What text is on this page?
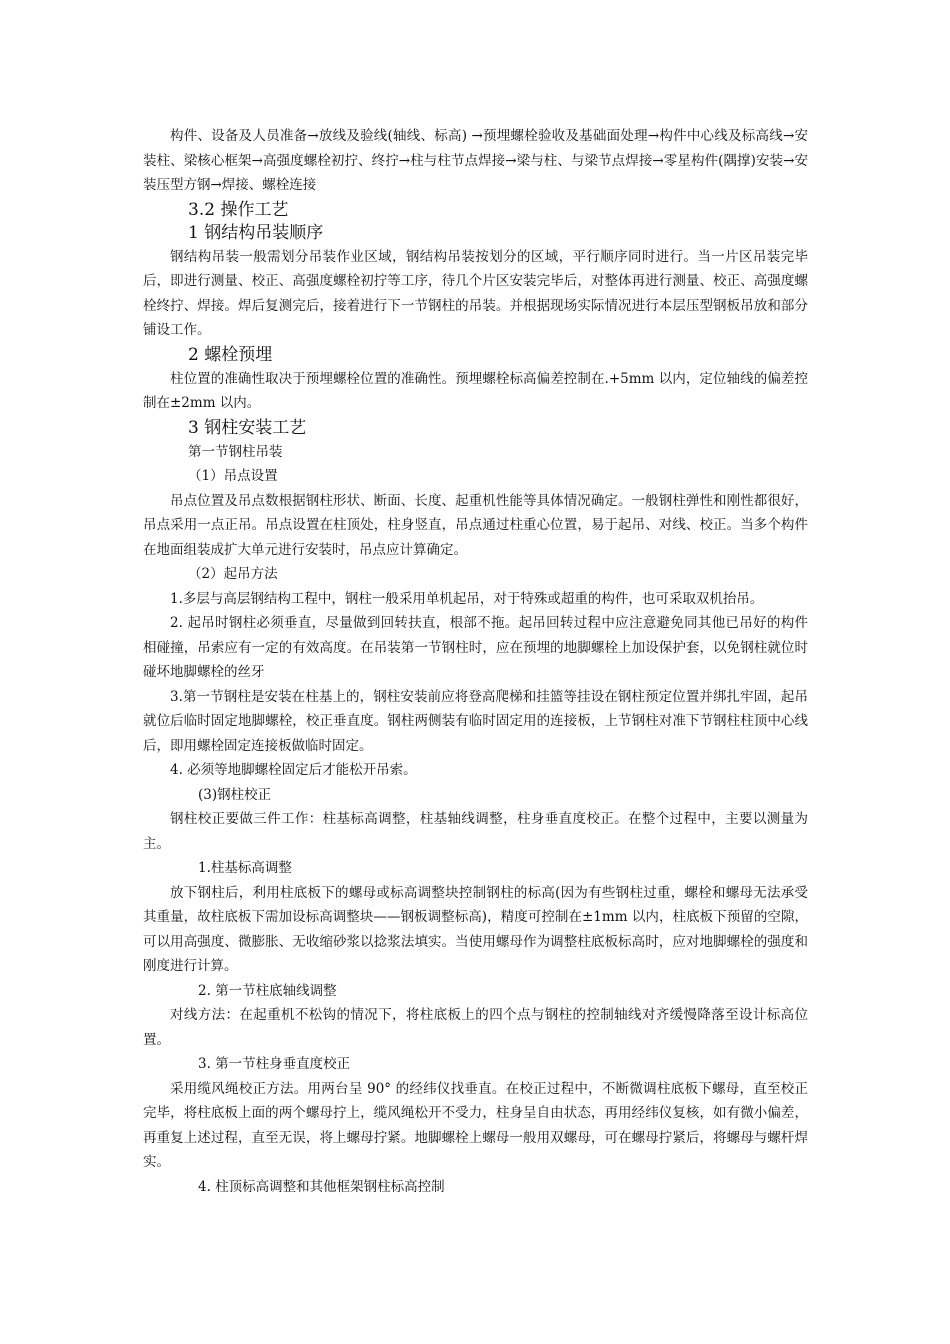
构件、设备及人员准备→放线及验线(轴线、标高) →预埋螺栓验收及基础面处理→构件中心线及标高线→安装柱、梁核心框架→高强度螺栓初拧、终拧→柱与柱节点焊接→梁与柱、与梁节点焊接→零星构件(隅撑)安装→安装压型方钢→焊接、螺栓连接

3.2 操作工艺

1 钢结构吊装顺序

钢结构吊装一般需划分吊装作业区域，钢结构吊装按划分的区域，平行顺序同时进行。当一片区吊装完毕后，即进行测量、校正、高强度螺栓初拧等工序，待几个片区安装完毕后，对整体再进行测量、校正、高强度螺栓终拧、焊接。焊后复测完后，接着进行下一节钢柱的吊装。并根据现场实际情况进行本层压型钢板吊放和部分铺设工作。

2 螺栓预埋

柱位置的准确性取决于预埋螺栓位置的准确性。预埋螺栓标高偏差控制在.+5mm 以内，定位轴线的偏差控制在±2mm 以内。

3 钢柱安装工艺

第一节钢柱吊装

（1）吊点设置

吊点位置及吊点数根据钢柱形状、断面、长度、起重机性能等具体情况确定。一般钢柱弹性和刚性都很好，吊点采用一点正吊。吊点设置在柱顶处，柱身竖直，吊点通过柱重心位置，易于起吊、对线、校正。当多个构件在地面组装成扩大单元进行安装时，吊点应计算确定。

（2）起吊方法

1.多层与高层钢结构工程中，钢柱一般采用单机起吊，对于特殊或超重的构件，也可采取双机抬吊。

2. 起吊时钢柱必须垂直，尽量做到回转扶直，根部不拖。起吊回转过程中应注意避免同其他已吊好的构件相碰撞，吊索应有一定的有效高度。在吊装第一节钢柱时，应在预埋的地脚螺栓上加设保护套，以免钢柱就位时碰坏地脚螺栓的丝牙

3.第一节钢柱是安装在柱基上的，钢柱安装前应将登高爬梯和挂篮等挂设在钢柱预定位置并绑扎牢固，起吊就位后临时固定地脚螺栓，校正垂直度。钢柱两侧装有临时固定用的连接板，上节钢柱对准下节钢柱柱顶中心线后，即用螺栓固定连接板做临时固定。

4. 必须等地脚螺栓固定后才能松开吊索。

(3)钢柱校正

钢柱校正要做三件工作：柱基标高调整，柱基轴线调整，柱身垂直度校正。在整个过程中，主要以测量为主。

1.柱基标高调整

放下钢柱后，利用柱底板下的螺母或标高调整块控制钢柱的标高(因为有些钢柱过重，螺栓和螺母无法承受其重量，故柱底板下需加设标高调整块——钢板调整标高)，精度可控制在±1mm 以内，柱底板下预留的空隙，可以用高强度、微膨胀、无收缩砂浆以捻浆法填实。当使用螺母作为调整柱底板标高时，应对地脚螺栓的强度和刚度进行计算。

2. 第一节柱底轴线调整

对线方法：在起重机不松钩的情况下，将柱底板上的四个点与钢柱的控制轴线对齐缓慢降落至设计标高位置。

3. 第一节柱身垂直度校正

采用缆风绳校正方法。用两台呈 90° 的经纬仪找垂直。在校正过程中，不断微调柱底板下螺母，直至校正完毕，将柱底板上面的两个螺母拧上，缆风绳松开不受力，柱身呈自由状态，再用经纬仪复核，如有微小偏差，再重复上述过程，直至无误，将上螺母拧紧。地脚螺栓上螺母一般用双螺母，可在螺母拧紧后，将螺母与螺杆焊实。

4. 柱顶标高调整和其他框架钢柱标高控制
